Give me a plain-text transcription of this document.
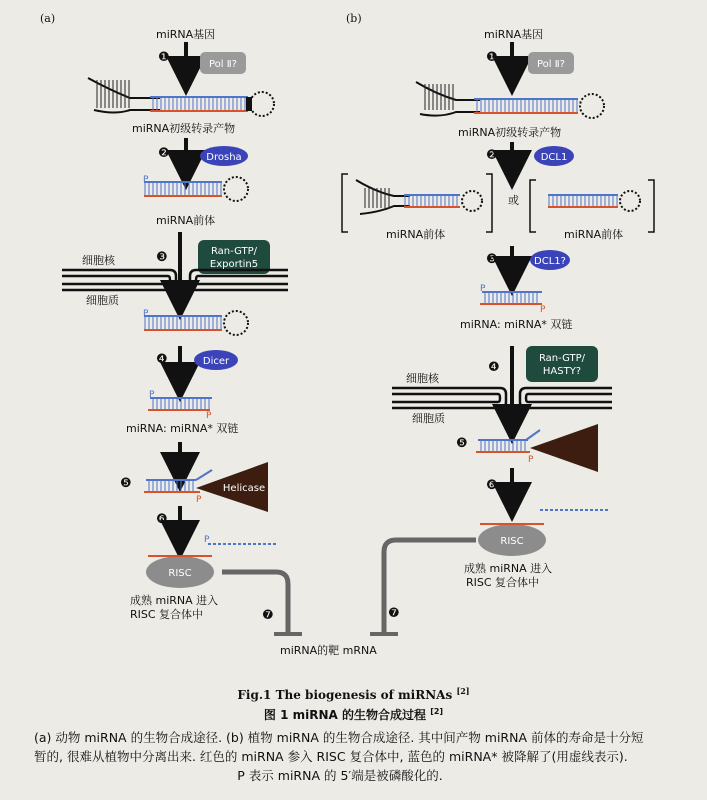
Pol Ⅱ?
Drosha
Ran-GTP/
Exportin5
Dicer
Helicase
RISC
Pol Ⅱ?
DCL1
DCL1?
Ran-GTP/
HASTY?
RISC
P
P
P
P
P
P
P
P
P
(a)	(b)
miRNA基因
❶
miRNA初级转录产物
❷
miRNA前体
❸
细胞核
细胞质
❹
miRNA: miRNA* 双链
❺
❻
成熟 miRNA 进入
RISC 复合体中	❼
miRNA的靶 mRNA
miRNA基因
❶
miRNA初级转录产物
❷
或
miRNA前体	miRNA前体
❸
miRNA: miRNA* 双链
❹
细胞核
细胞质
❺
❻
成熟 miRNA 进入
RISC 复合体中
❼
Fig.1 The biogenesis of miRNAs [2]
图 1 miRNA 的生物合成过程 [2]
(a) 动物 miRNA 的生物合成途径. (b) 植物 miRNA 的生物合成途径. 其中间产物 miRNA 前体的寿命是十分短
暂的, 很难从植物中分离出来. 红色的 miRNA 参入 RISC 复合体中, 蓝色的 miRNA* 被降解了(用虚线表示).
P 表示 miRNA 的 5′端是被磷酸化的.
